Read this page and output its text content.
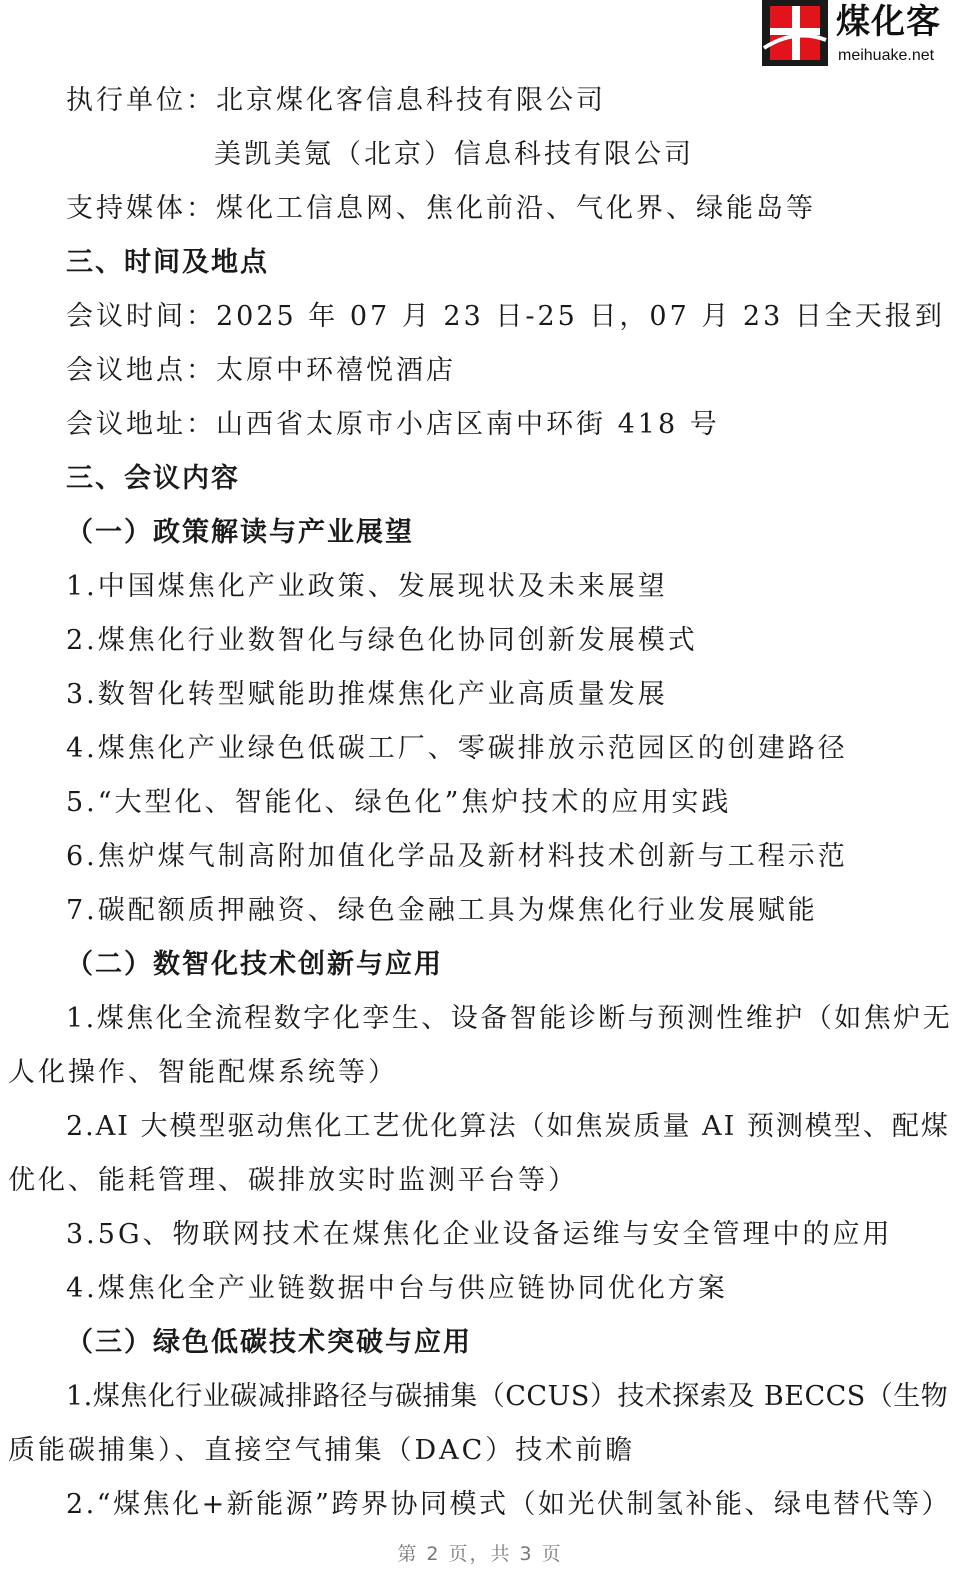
煤化客
meihuake.net
执行单位：北京煤化客信息科技有限公司
美凯美氪（北京）信息科技有限公司
支持媒体：煤化工信息网、焦化前沿、气化界、绿能岛等
三、时间及地点
会议时间：2025 年 07 月 23 日-25 日，07 月 23 日全天报到
会议地点：太原中环禧悦酒店
会议地址：山西省太原市小店区南中环街 418 号
三、会议内容
（一）政策解读与产业展望
1.中国煤焦化产业政策、发展现状及未来展望
2.煤焦化行业数智化与绿色化协同创新发展模式
3.数智化转型赋能助推煤焦化产业高质量发展
4.煤焦化产业绿色低碳工厂、零碳排放示范园区的创建路径
5.“大型化、智能化、绿色化”焦炉技术的应用实践
6.焦炉煤气制高附加值化学品及新材料技术创新与工程示范
7.碳配额质押融资、绿色金融工具为煤焦化行业发展赋能
（二）数智化技术创新与应用
1.煤焦化全流程数字化孪生、设备智能诊断与预测性维护（如焦炉无
人化操作、智能配煤系统等）
2.AI 大模型驱动焦化工艺优化算法（如焦炭质量 AI 预测模型、配煤
优化、能耗管理、碳排放实时监测平台等）
3.5G、物联网技术在煤焦化企业设备运维与安全管理中的应用
4.煤焦化全产业链数据中台与供应链协同优化方案
（三）绿色低碳技术突破与应用
1.煤焦化行业碳减排路径与碳捕集（CCUS）技术探索及 BECCS（生物
质能碳捕集）、直接空气捕集（DAC）技术前瞻
2.“煤焦化+新能源”跨界协同模式（如光伏制氢补能、绿电替代等）
第 2 页，共 3 页
